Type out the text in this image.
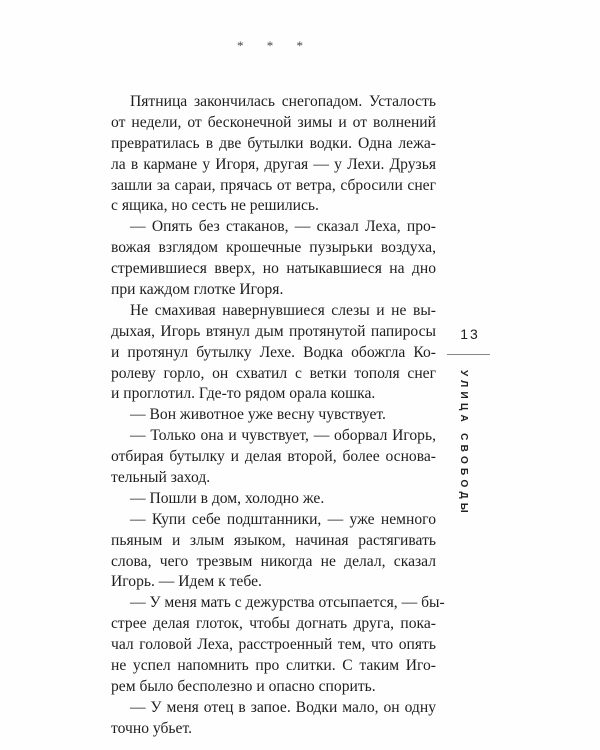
* * *
Пятница закончилась снегопадом. Усталость
от недели, от бесконечной зимы и от волнений
превратилась в две бутылки водки. Одна лежа-
ла в кармане у Игоря, другая — у Лехи. Друзья
зашли за сараи, прячась от ветра, сбросили снег
с ящика, но сесть не решились.
— Опять без стаканов, — сказал Леха, про-
вожая взглядом крошечные пузырьки воздуха,
стремившиеся вверх, но натыкавшиеся на дно
при каждом глотке Игоря.
Не смахивая навернувшиеся слезы и не вы-
дыхая, Игорь втянул дым протянутой папиросы
и протянул бутылку Лехе. Водка обожгла Ко-
ролеву горло, он схватил с ветки тополя снег
и проглотил. Где-то рядом орала кошка.
— Вон животное уже весну чувствует.
— Только она и чувствует, — оборвал Игорь,
отбирая бутылку и делая второй, более основа-
тельный заход.
— Пошли в дом, холодно же.
— Купи себе подштанники, — уже немного
пьяным и злым языком, начиная растягивать
слова, чего трезвым никогда не делал, сказал
Игорь. — Идем к тебе.
— У меня мать с дежурства отсыпается, — бы-
стрее делая глоток, чтобы догнать друга, пока-
чал головой Леха, расстроенный тем, что опять
не успел напомнить про слитки. С таким Иго-
рем было бесполезно и опасно спорить.
— У меня отец в запое. Водки мало, он одну
точно убьет.
13
УЛИЦА СВОБОДЫ
